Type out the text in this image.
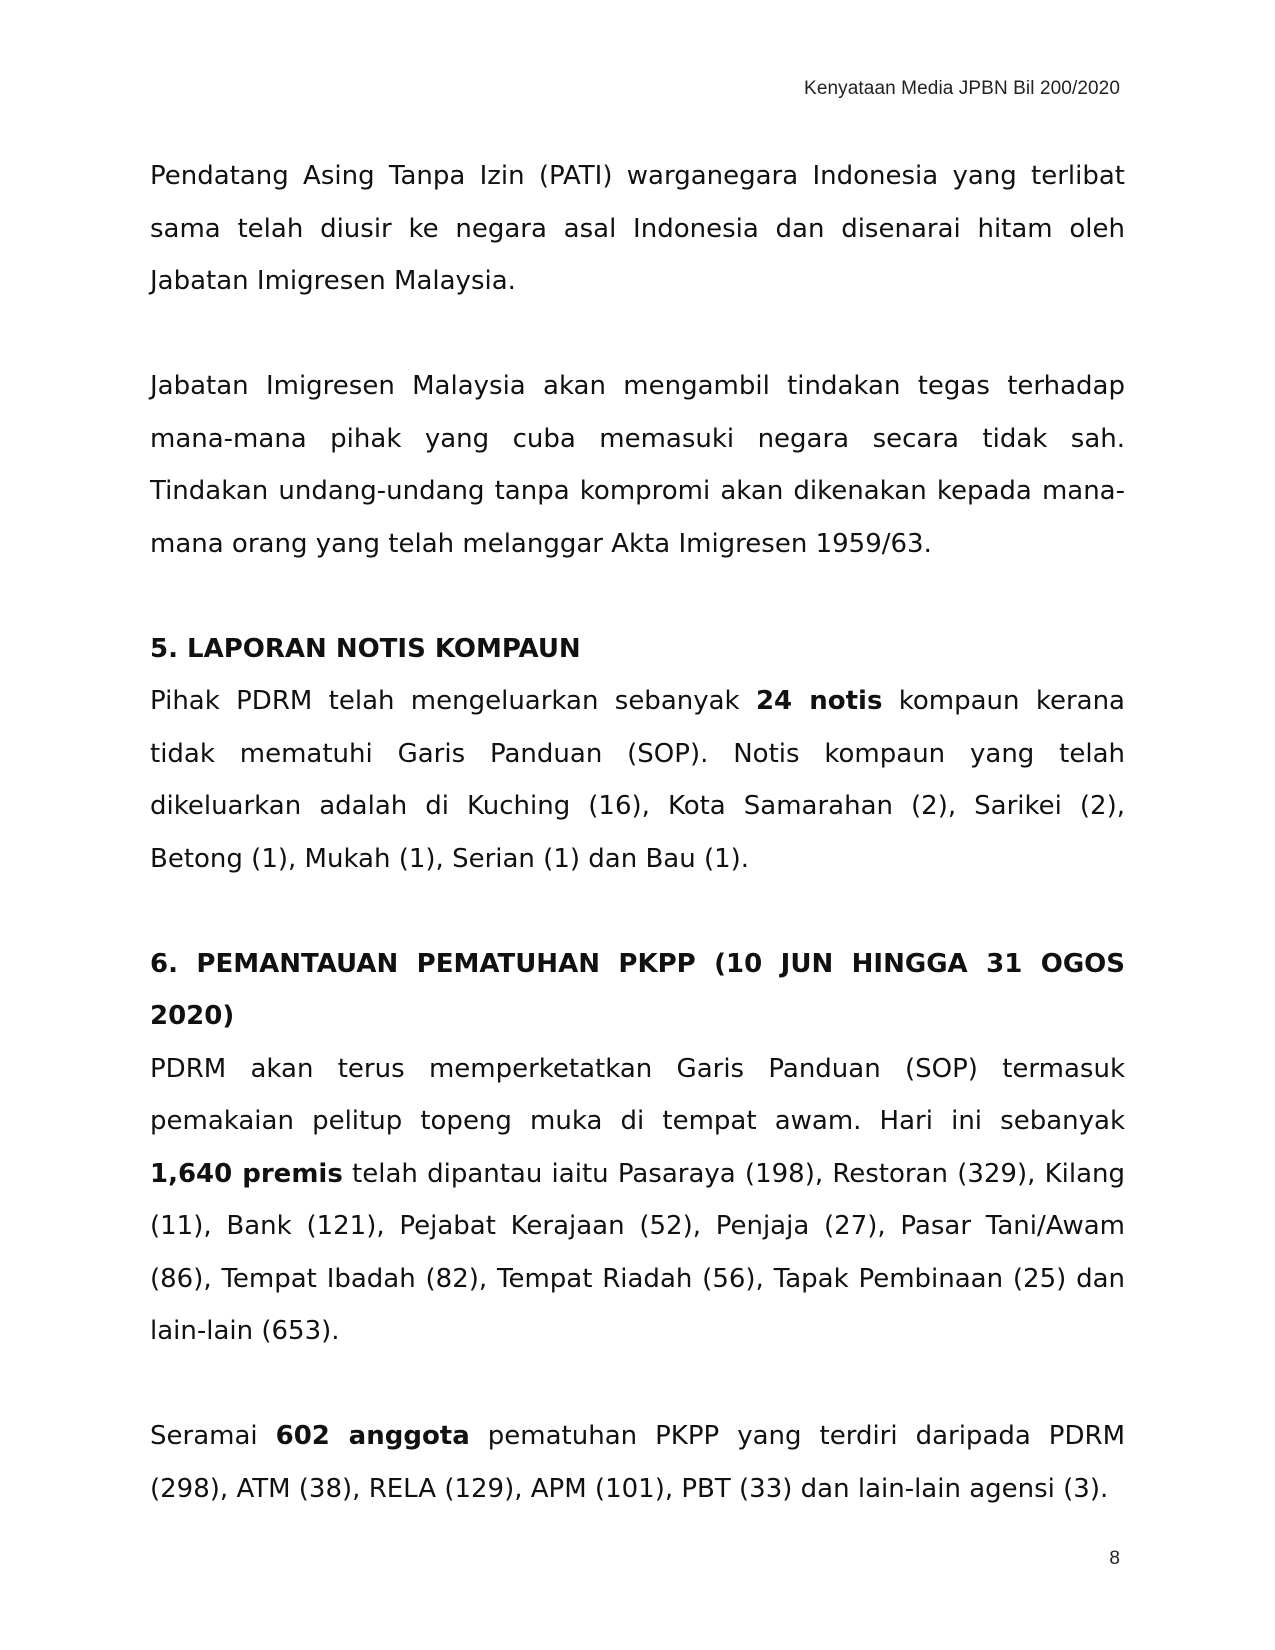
Kenyataan Media JPBN Bil 200/2020

Pendatang Asing Tanpa Izin (PATI) warganegara Indonesia yang terlibat sama telah diusir ke negara asal Indonesia dan disenarai hitam oleh Jabatan Imigresen Malaysia.

Jabatan Imigresen Malaysia akan mengambil tindakan tegas terhadap mana-mana pihak yang cuba memasuki negara secara tidak sah. Tindakan undang-undang tanpa kompromi akan dikenakan kepada mana-mana orang yang telah melanggar Akta Imigresen 1959/63.

5. LAPORAN NOTIS KOMPAUN

Pihak PDRM telah mengeluarkan sebanyak 24 notis kompaun kerana tidak mematuhi Garis Panduan (SOP). Notis kompaun yang telah dikeluarkan adalah di Kuching (16), Kota Samarahan (2), Sarikei (2), Betong (1), Mukah (1), Serian (1) dan Bau (1).

6. PEMANTAUAN PEMATUHAN PKPP (10 JUN HINGGA 31 OGOS 2020)

PDRM akan terus memperketatkan Garis Panduan (SOP) termasuk pemakaian pelitup topeng muka di tempat awam. Hari ini sebanyak 1,640 premis telah dipantau iaitu Pasaraya (198), Restoran (329), Kilang (11), Bank (121), Pejabat Kerajaan (52), Penjaja (27), Pasar Tani/Awam (86), Tempat Ibadah (82), Tempat Riadah (56), Tapak Pembinaan (25) dan lain-lain (653).

Seramai 602 anggota pematuhan PKPP yang terdiri daripada PDRM (298), ATM (38), RELA (129), APM (101), PBT (33) dan lain-lain agensi (3).

8
